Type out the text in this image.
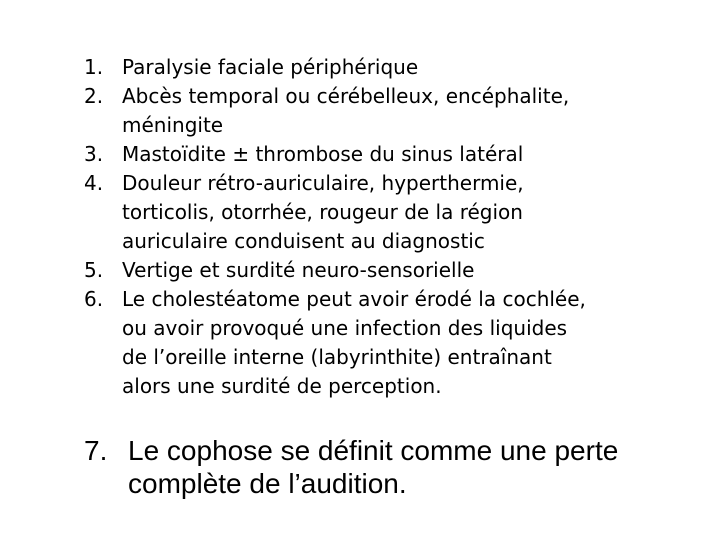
1. Paralysie faciale périphérique
2. Abcès temporal ou cérébelleux, encéphalite,
méningite
3. Mastoïdite ± thrombose du sinus latéral
4. Douleur rétro-auriculaire, hyperthermie,
torticolis, otorrhée, rougeur de la région
auriculaire conduisent au diagnostic
5. Vertige et surdité neuro-sensorielle
6. Le cholestéatome peut avoir érodé la cochlée,
ou avoir provoqué une infection des liquides
de l’oreille interne (labyrinthite) entraînant
alors une surdité de perception.
7. Le cophose se définit comme une perte
complète de l’audition.
